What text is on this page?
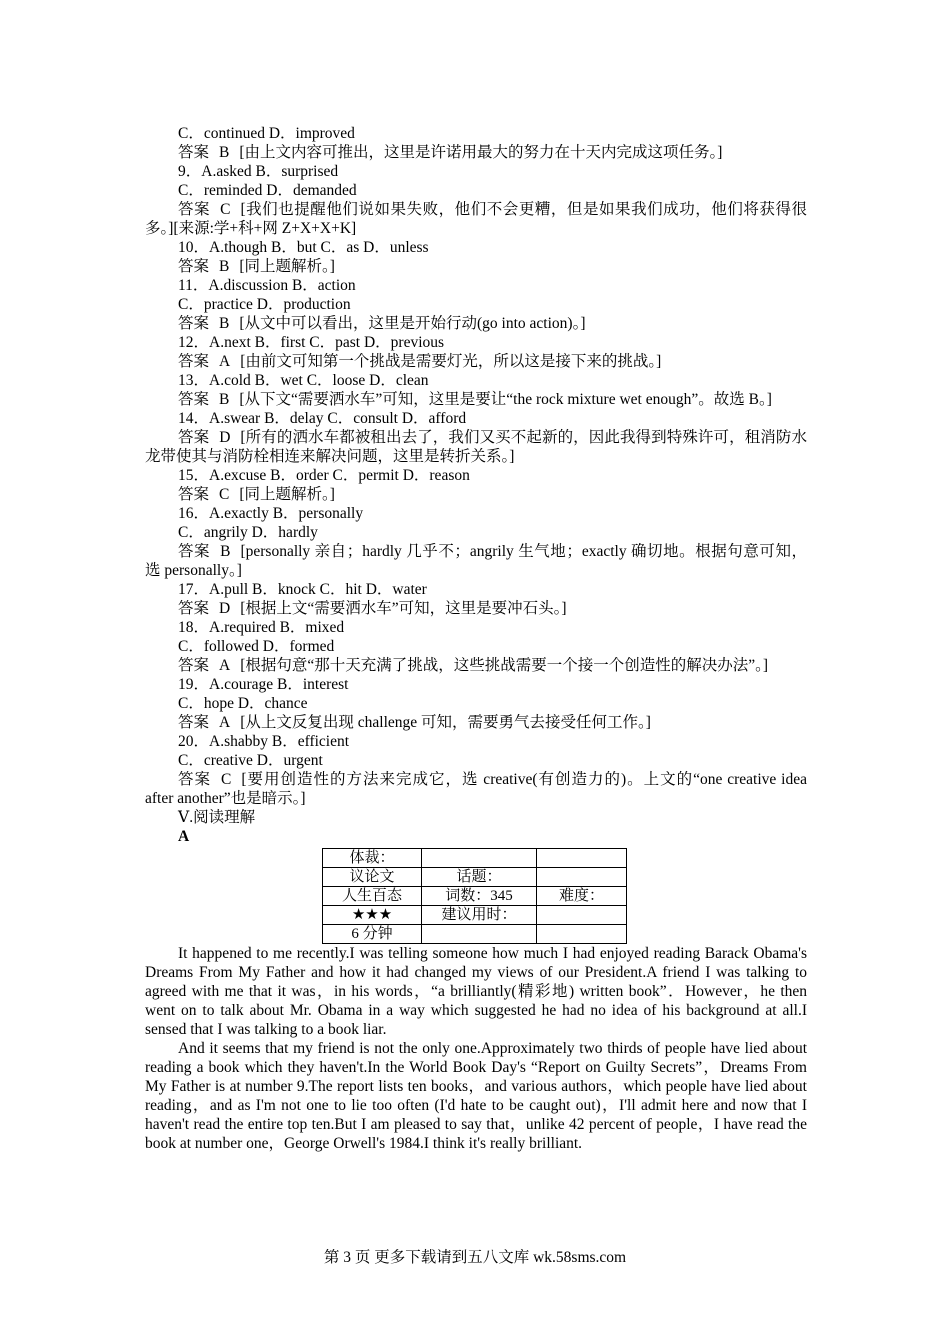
C．continued D．improved

答案 B [由上文内容可推出，这里是许诺用最大的努力在十天内完成这项任务。]

9．A.asked B．surprised

C．reminded D．demanded

答案 C [我们也提醒他们说如果失败，他们不会更糟，但是如果我们成功，他们将获得很多。][来源:学+科+网 Z+X+X+K]

10．A.though B．but C．as D．unless

答案 B [同上题解析。]

11．A.discussion B．action

C．practice D．production

答案 B [从文中可以看出，这里是开始行动(go into action)。]

12．A.next B．first C．past D．previous

答案 A [由前文可知第一个挑战是需要灯光，所以这是接下来的挑战。]

13．A.cold B．wet C．loose D．clean

答案 B [从下文“需要洒水车”可知，这里是要让“the rock mixture wet enough”。故选 B。]

14．A.swear B．delay C．consult D．afford

答案 D [所有的洒水车都被租出去了，我们又买不起新的，因此我得到特殊许可，租消防水龙带使其与消防栓相连来解决问题，这里是转折关系。]

15．A.excuse B．order C．permit D．reason

答案 C [同上题解析。]

16．A.exactly B．personally

C．angrily D．hardly

答案 B [personally 亲自；hardly 几乎不；angrily 生气地；exactly 确切地。根据句意可知，选 personally。]

17．A.pull B．knock C．hit D．water

答案 D [根据上文“需要洒水车”可知，这里是要冲石头。]

18．A.required B．mixed

C．followed D．formed

答案 A [根据句意“那十天充满了挑战，这些挑战需要一个接一个创造性的解决办法”。]

19．A.courage B．interest

C．hope D．chance

答案 A [从上文反复出现 challenge 可知，需要勇气去接受任何工作。]

20．A.shabby B．efficient

C．creative D．urgent

答案 C [要用创造性的方法来完成它，选 creative(有创造力的)。上文的“one creative idea after another”也是暗示。]

Ⅴ.阅读理解

A

体裁：		
议论文	话题：	
人生百态	词数：345	难度：
★★★	建议用时：	
6 分钟		

It happened to me recently.I was telling someone how much I had enjoyed reading Barack Obama's Dreams From My Father and how it had changed my views of our President.A friend I was talking to agreed with me that it was，in his words，“a brilliantly(精彩地) written book”．However，he then went on to talk about Mr. Obama in a way which suggested he had no idea of his background at all.I sensed that I was talking to a book liar.

And it seems that my friend is not the only one.Approximately two thirds of people have lied about reading a book which they haven't.In the World Book Day's “Report on Guilty Secrets”，Dreams From My Father is at number 9.The report lists ten books，and various authors，which people have lied about reading，and as I'm not one to lie too often (I'd hate to be caught out)，I'll admit here and now that I haven't read the entire top ten.But I am pleased to say that，unlike 42 percent of people，I have read the book at number one，George Orwell's 1984.I think it's really brilliant.

第 3 页 更多下载请到五八文库 wk.58sms.com
